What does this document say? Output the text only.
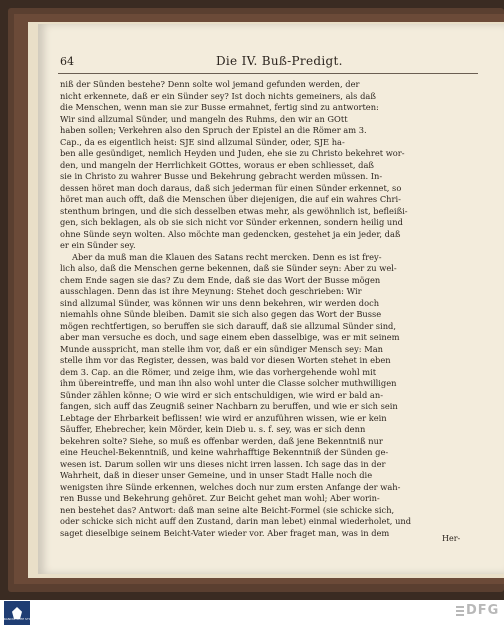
64	Die IV. Buß-Predigt.
niß der Sünden bestehe? Denn solte wol jemand gefunden werden, der
nicht erkennete, daß er ein Sünder sey? Ist doch nichts gemeiners, als daß
die Menschen, wenn man sie zur Busse ermahnet, fertig sind zu antworten:
Wir sind allzumal Sünder, und mangeln des Ruhms, den wir an GOtt
haben sollen; Verkehren also den Spruch der Epistel an die Römer am 3.
Cap., da es eigentlich heist: SJE sind allzumal Sünder, oder, SJE ha-
ben alle gesündiget, nemlich Heyden und Juden, ehe sie zu Christo bekehret wor-
den, und mangeln der Herrlichkeit GOttes, woraus er eben schliesset, daß
sie in Christo zu wahrer Busse und Bekehrung gebracht werden müssen. In-
dessen höret man doch daraus, daß sich jederman für einen Sünder erkennet, so
höret man auch offt, daß die Menschen über diejenigen, die auf ein wahres Chri-
stenthum bringen, und die sich desselben etwas mehr, als gewöhnlich ist, befleißi-
gen, sich beklagen, als ob sie sich nicht vor Sünder erkennen, sondern heilig und
ohne Sünde seyn wolten. Also möchte man gedencken, gestehet ja ein jeder, daß
er ein Sünder sey.
Aber da muß man die Klauen des Satans recht mercken. Denn es ist frey-
lich also, daß die Menschen gerne bekennen, daß sie Sünder seyn: Aber zu wel-
chem Ende sagen sie das? Zu dem Ende, daß sie das Wort der Busse mögen
ausschlagen. Denn das ist ihre Meynung: Stehet doch geschrieben: Wir
sind allzumal Sünder, was können wir uns denn bekehren, wir werden doch
niemahls ohne Sünde bleiben. Damit sie sich also gegen das Wort der Busse
mögen rechtfertigen, so beruffen sie sich darauff, daß sie allzumal Sünder sind,
aber man versuche es doch, und sage einem eben dasselbige, was er mit seinem
Munde ausspricht, man stelle ihm vor, daß er ein sündiger Mensch sey: Man
stelle ihm vor das Register, dessen, was bald vor diesen Worten stehet in eben
dem 3. Cap. an die Römer, und zeige ihm, wie das vorhergehende wohl mit
ihm übereintreffe, und man ihn also wohl unter die Classe solcher muthwilligen
Sünder zählen könne; O wie wird er sich entschuldigen, wie wird er bald an-
fangen, sich auff das Zeugniß seiner Nachbarn zu beruffen, und wie er sich sein
Lebtage der Ehrbarkeit beflissen! wie wird er anzuführen wissen, wie er kein
Säuffer, Ehebrecher, kein Mörder, kein Dieb u. s. f. sey, was er sich denn
bekehren solte? Siehe, so muß es offenbar werden, daß jene Bekenntniß nur
eine Heuchel-Bekenntniß, und keine wahrhafftige Bekenntniß der Sünden ge-
wesen ist. Darum sollen wir uns dieses nicht irren lassen. Ich sage das in der
Wahrheit, daß in dieser unser Gemeine, und in unser Stadt Halle noch die
wenigsten ihre Sünde erkennen, welches doch nur zum ersten Anfange der wah-
ren Busse und Bekehrung gehöret. Zur Beicht gehet man wohl; Aber worin-
nen bestehet das? Antwort: daß man seine alte Beicht-Formel (sie schicke sich,
oder schicke sich nicht auff den Zustand, darin man lebet) einmal wiederholet, und
saget dieselbige seinem Beicht-Vater wieder vor. Aber fraget man, was in dem
Her-
FRANCKESCHE STIFTUNGEN
DFG
